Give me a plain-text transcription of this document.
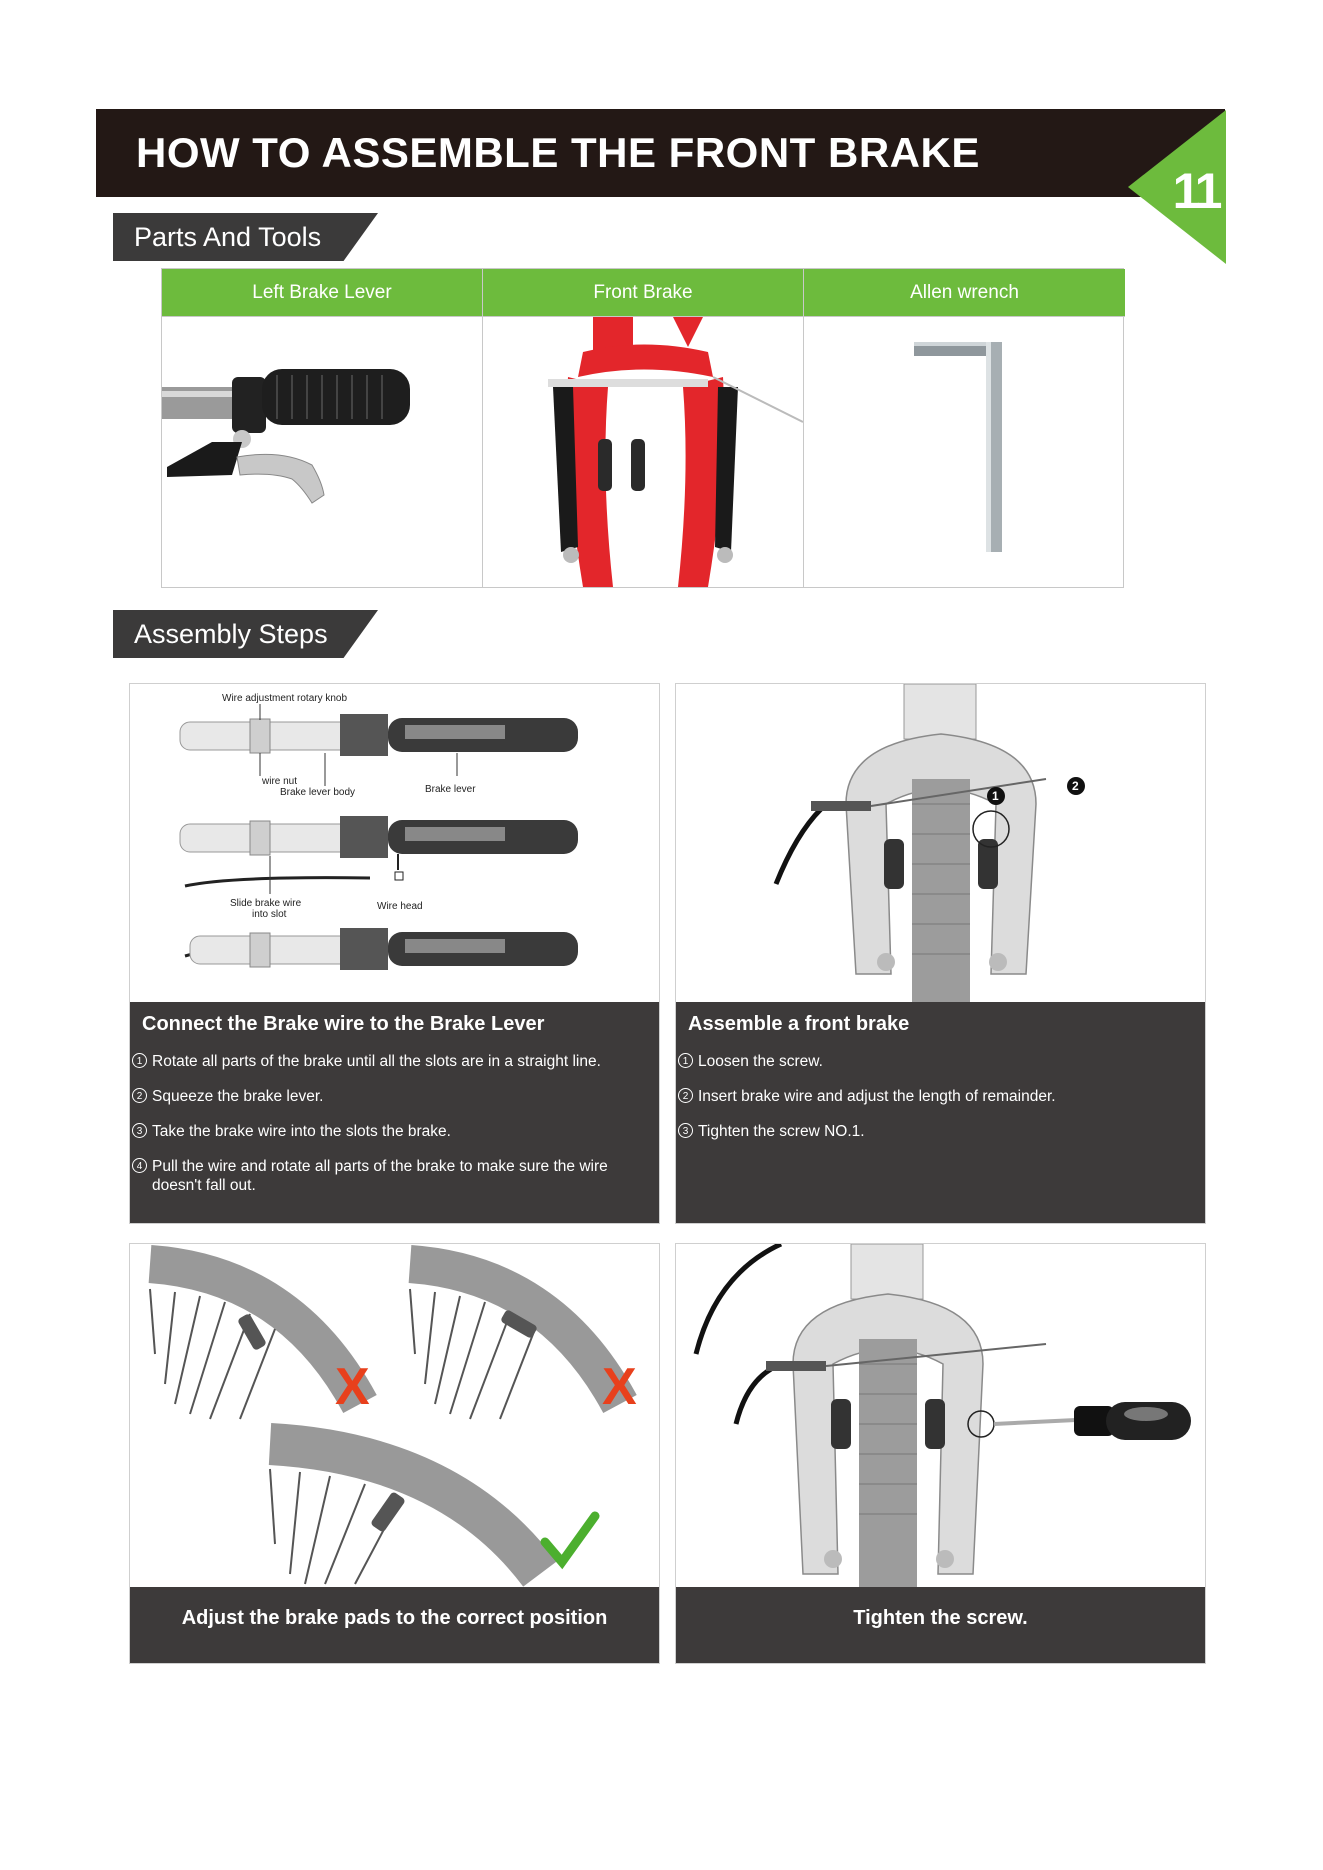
HOW TO ASSEMBLE THE FRONT BRAKE
11
Parts And Tools
Left Brake Lever	Front Brake	Allen wrench
Assembly Steps
Wire adjustment rotary knob
wire nut
Brake lever body	Brake lever
Slide brake wire
into slot
Wire head
Connect the Brake wire to the Brake Lever
1 Rotate all parts of the brake until all the slots are in a straight line.
2 Squeeze the brake lever.
3 Take the brake wire into the slots the brake.
4 Pull the wire and rotate all parts of the brake to make sure the wire doesn't fall out.
1
2
Assemble a front brake
1 Loosen the screw.
2 Insert brake wire and adjust the length of remainder.
3 Tighten the screw NO.1.
X	X
Adjust the brake pads to the correct position	Tighten the screw.
